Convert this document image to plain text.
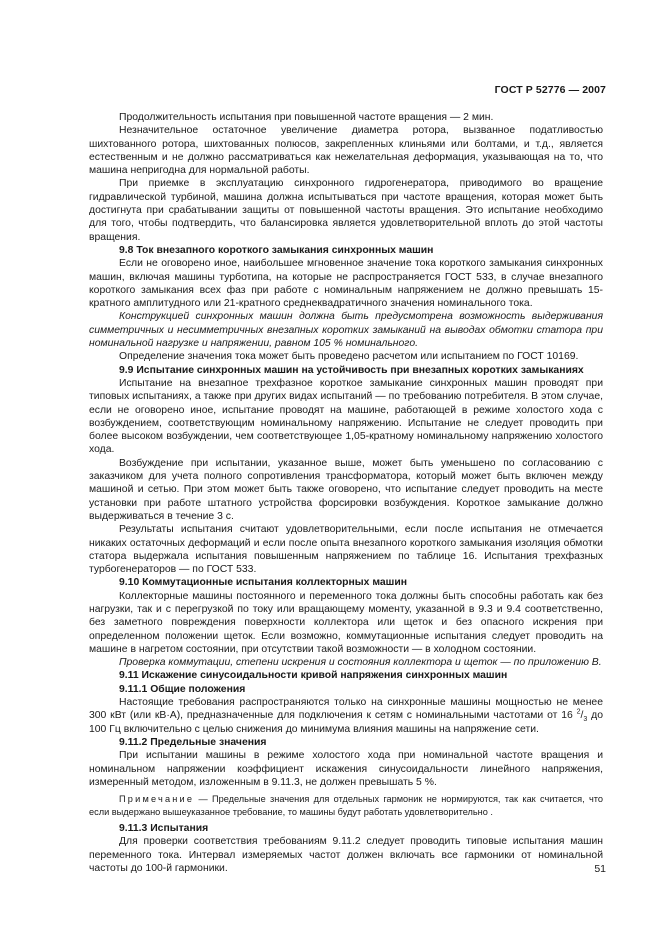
ГОСТ Р 52776 — 2007

Продолжительность испытания при повышенной частоте вращения — 2 мин.

Незначительное остаточное увеличение диаметра ротора, вызванное податливостью шихтованного ротора, шихтованных полюсов, закрепленных клиньями или болтами, и т.д., является естественным и не должно рассматриваться как нежелательная деформация, указывающая на то, что машина непригодна для нормальной работы.

При приемке в эксплуатацию синхронного гидрогенератора, приводимого во вращение гидравлической турбиной, машина должна испытываться при частоте вращения, которая может быть достигнута при срабатывании защиты от повышенной частоты вращения. Это испытание необходимо для того, чтобы подтвердить, что балансировка является удовлетворительной вплоть до этой частоты вращения.

9.8 Ток внезапного короткого замыкания синхронных машин

Если не оговорено иное, наибольшее мгновенное значение тока короткого замыкания синхронных машин, включая машины турботипа, на которые не распространяется ГОСТ 533, в случае внезапного короткого замыкания всех фаз при работе с номинальным напряжением не должно превышать 15-кратного амплитудного или 21-кратного среднеквадратичного значения номинального тока.

Конструкцией синхронных машин должна быть предусмотрена возможность выдерживания симметричных и несимметричных внезапных коротких замыканий на выводах обмотки статора при номинальной нагрузке и напряжении, равном 105 % номинального.

Определение значения тока может быть проведено расчетом или испытанием по ГОСТ 10169.

9.9 Испытание синхронных машин на устойчивость при внезапных коротких замыканиях

Испытание на внезапное трехфазное короткое замыкание синхронных машин проводят при типовых испытаниях, а также при других видах испытаний — по требованию потребителя. В этом случае, если не оговорено иное, испытание проводят на машине, работающей в режиме холостого хода с возбуждением, соответствующим номинальному напряжению. Испытание не следует проводить при более высоком возбуждении, чем соответствующее 1,05-кратному номинальному напряжению холостого хода.

Возбуждение при испытании, указанное выше, может быть уменьшено по согласованию с заказчиком для учета полного сопротивления трансформатора, который может быть включен между машиной и сетью. При этом может быть также оговорено, что испытание следует проводить на месте установки при работе штатного устройства форсировки возбуждения. Короткое замыкание должно выдерживаться в течение 3 с.

Результаты испытания считают удовлетворительными, если после испытания не отмечается никаких остаточных деформаций и если после опыта внезапного короткого замыкания изоляция обмотки статора выдержала испытания повышенным напряжением по таблице 16. Испытания трехфазных турбогенераторов — по ГОСТ 533.

9.10 Коммутационные испытания коллекторных машин

Коллекторные машины постоянного и переменного тока должны быть способны работать как без нагрузки, так и с перегрузкой по току или вращающему моменту, указанной в 9.3 и 9.4 соответственно, без заметного повреждения поверхности коллектора или щеток и без опасного искрения при определенном положении щеток. Если возможно, коммутационные испытания следует проводить на машине в нагретом состоянии, при отсутствии такой возможности — в холодном состоянии.

Проверка коммутации, степени искрения и состояния коллектора и щеток — по приложению В.

9.11 Искажение синусоидальности кривой напряжения синхронных машин

9.11.1 Общие положения

Настоящие требования распространяются только на синхронные машины мощностью не менее 300 кВт (или кВ·А), предназначенные для подключения к сетям с номинальными частотами от 16 $^2/_3$ до 100 Гц включительно с целью снижения до минимума влияния машины на напряжение сети.

9.11.2 Предельные значения

При испытании машины в режиме холостого хода при номинальной частоте вращения и номинальном напряжении коэффициент искажения синусоидальности линейного напряжения, измеренный методом, изложенным в 9.11.3, не должен превышать 5 %.

Примечание — Предельные значения для отдельных гармоник не нормируются, так как считается, что если выдержано вышеуказанное требование, то машины будут работать удовлетворительно .

9.11.3 Испытания

Для проверки соответствия требованиям 9.11.2 следует проводить типовые испытания машин переменного тока. Интервал измеряемых частот должен включать все гармоники от номинальной частоты до 100-й гармоники.	51
